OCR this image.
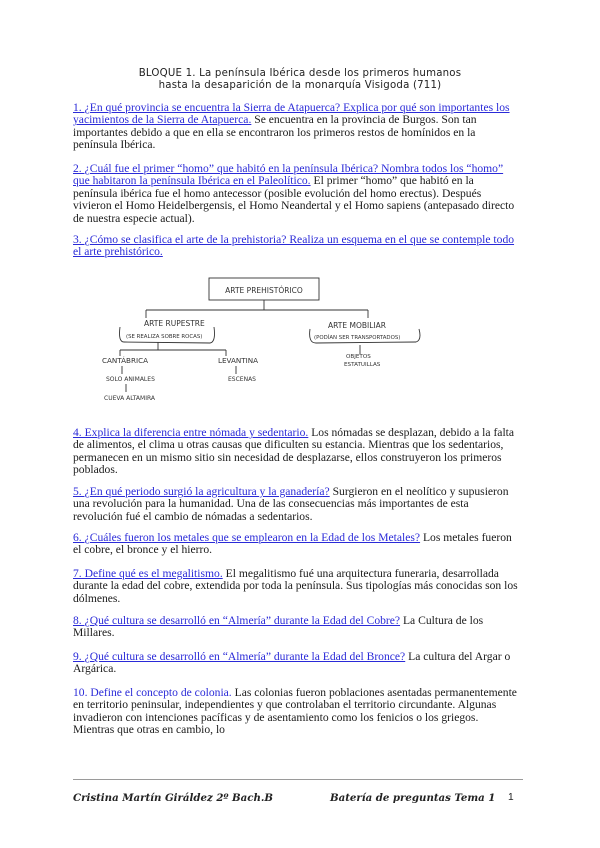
BLOQUE 1. La península Ibérica desde los primeros humanos
hasta la desaparición de la monarquía Visigoda (711)
1. ¿En qué provincia se encuentra la Sierra de Atapuerca? Explica por qué son importantes los yacimientos de la Sierra de Atapuerca. Se encuentra en la provincia de Burgos. Son tan importantes debido a que en ella se encontraron los primeros restos de homínidos en la península Ibérica.
2. ¿Cuál fue el primer “homo” que habitó en la península Ibérica? Nombra todos los “homo” que habitaron la península Ibérica en el Paleolítico. El primer “homo” que habitó en la península ibérica fue el homo antecessor (posible evolución del homo erectus). Después vivieron el Homo Heidelbergensis, el Homo Neandertal y el Homo sapiens (antepasado directo de nuestra especie actual).
3. ¿Cómo se clasifica el arte de la prehistoria? Realiza un esquema en el que se contemple todo el arte prehistórico.
ARTE PREHISTÓRICO
ARTE RUPESTRE
(SE REALIZA SOBRE ROCAS)
ARTE MOBILIAR
(PODÍAN SER TRANSPORTADOS)
CANTÁBRICA	LEVANTINA	OBJETOS
ESTATUILLAS
SOLO ANIMALES	ESCENAS
CUEVA ALTAMIRA
4. Explica la diferencia entre nómada y sedentario. Los nómadas se desplazan, debido a la falta de alimentos, el clima u otras causas que dificulten su estancia. Mientras que los sedentarios, permanecen en un mismo sitio sin necesidad de desplazarse, ellos construyeron los primeros poblados.
5. ¿En qué periodo surgió la agricultura y la ganadería? Surgieron en el neolítico y supusieron una revolución para la humanidad. Una de las consecuencias más importantes de esta revolución fué el cambio de nómadas a sedentarios.
6. ¿Cuáles fueron los metales que se emplearon en la Edad de los Metales? Los metales fueron el cobre, el bronce y el hierro.
7. Define qué es el megalitismo. El megalitismo fué una arquitectura funeraria, desarrollada durante la edad del cobre, extendida por toda la península. Sus tipologías más conocidas son los dólmenes.
8. ¿Qué cultura se desarrolló en “Almería” durante la Edad del Cobre? La Cultura de los Millares.
9. ¿Qué cultura se desarrolló en “Almería” durante la Edad del Bronce? La cultura del Argar o Argárica.
10. Define el concepto de colonia. Las colonias fueron poblaciones asentadas permanentemente en territorio peninsular, independientes y que controlaban el territorio circundante. Algunas invadieron con intenciones pacíficas y de asentamiento como los fenicios o los griegos. Mientras que otras en cambio, lo
Cristina Martín Giráldez 2º Bach.B	Batería de preguntas Tema 1 1
